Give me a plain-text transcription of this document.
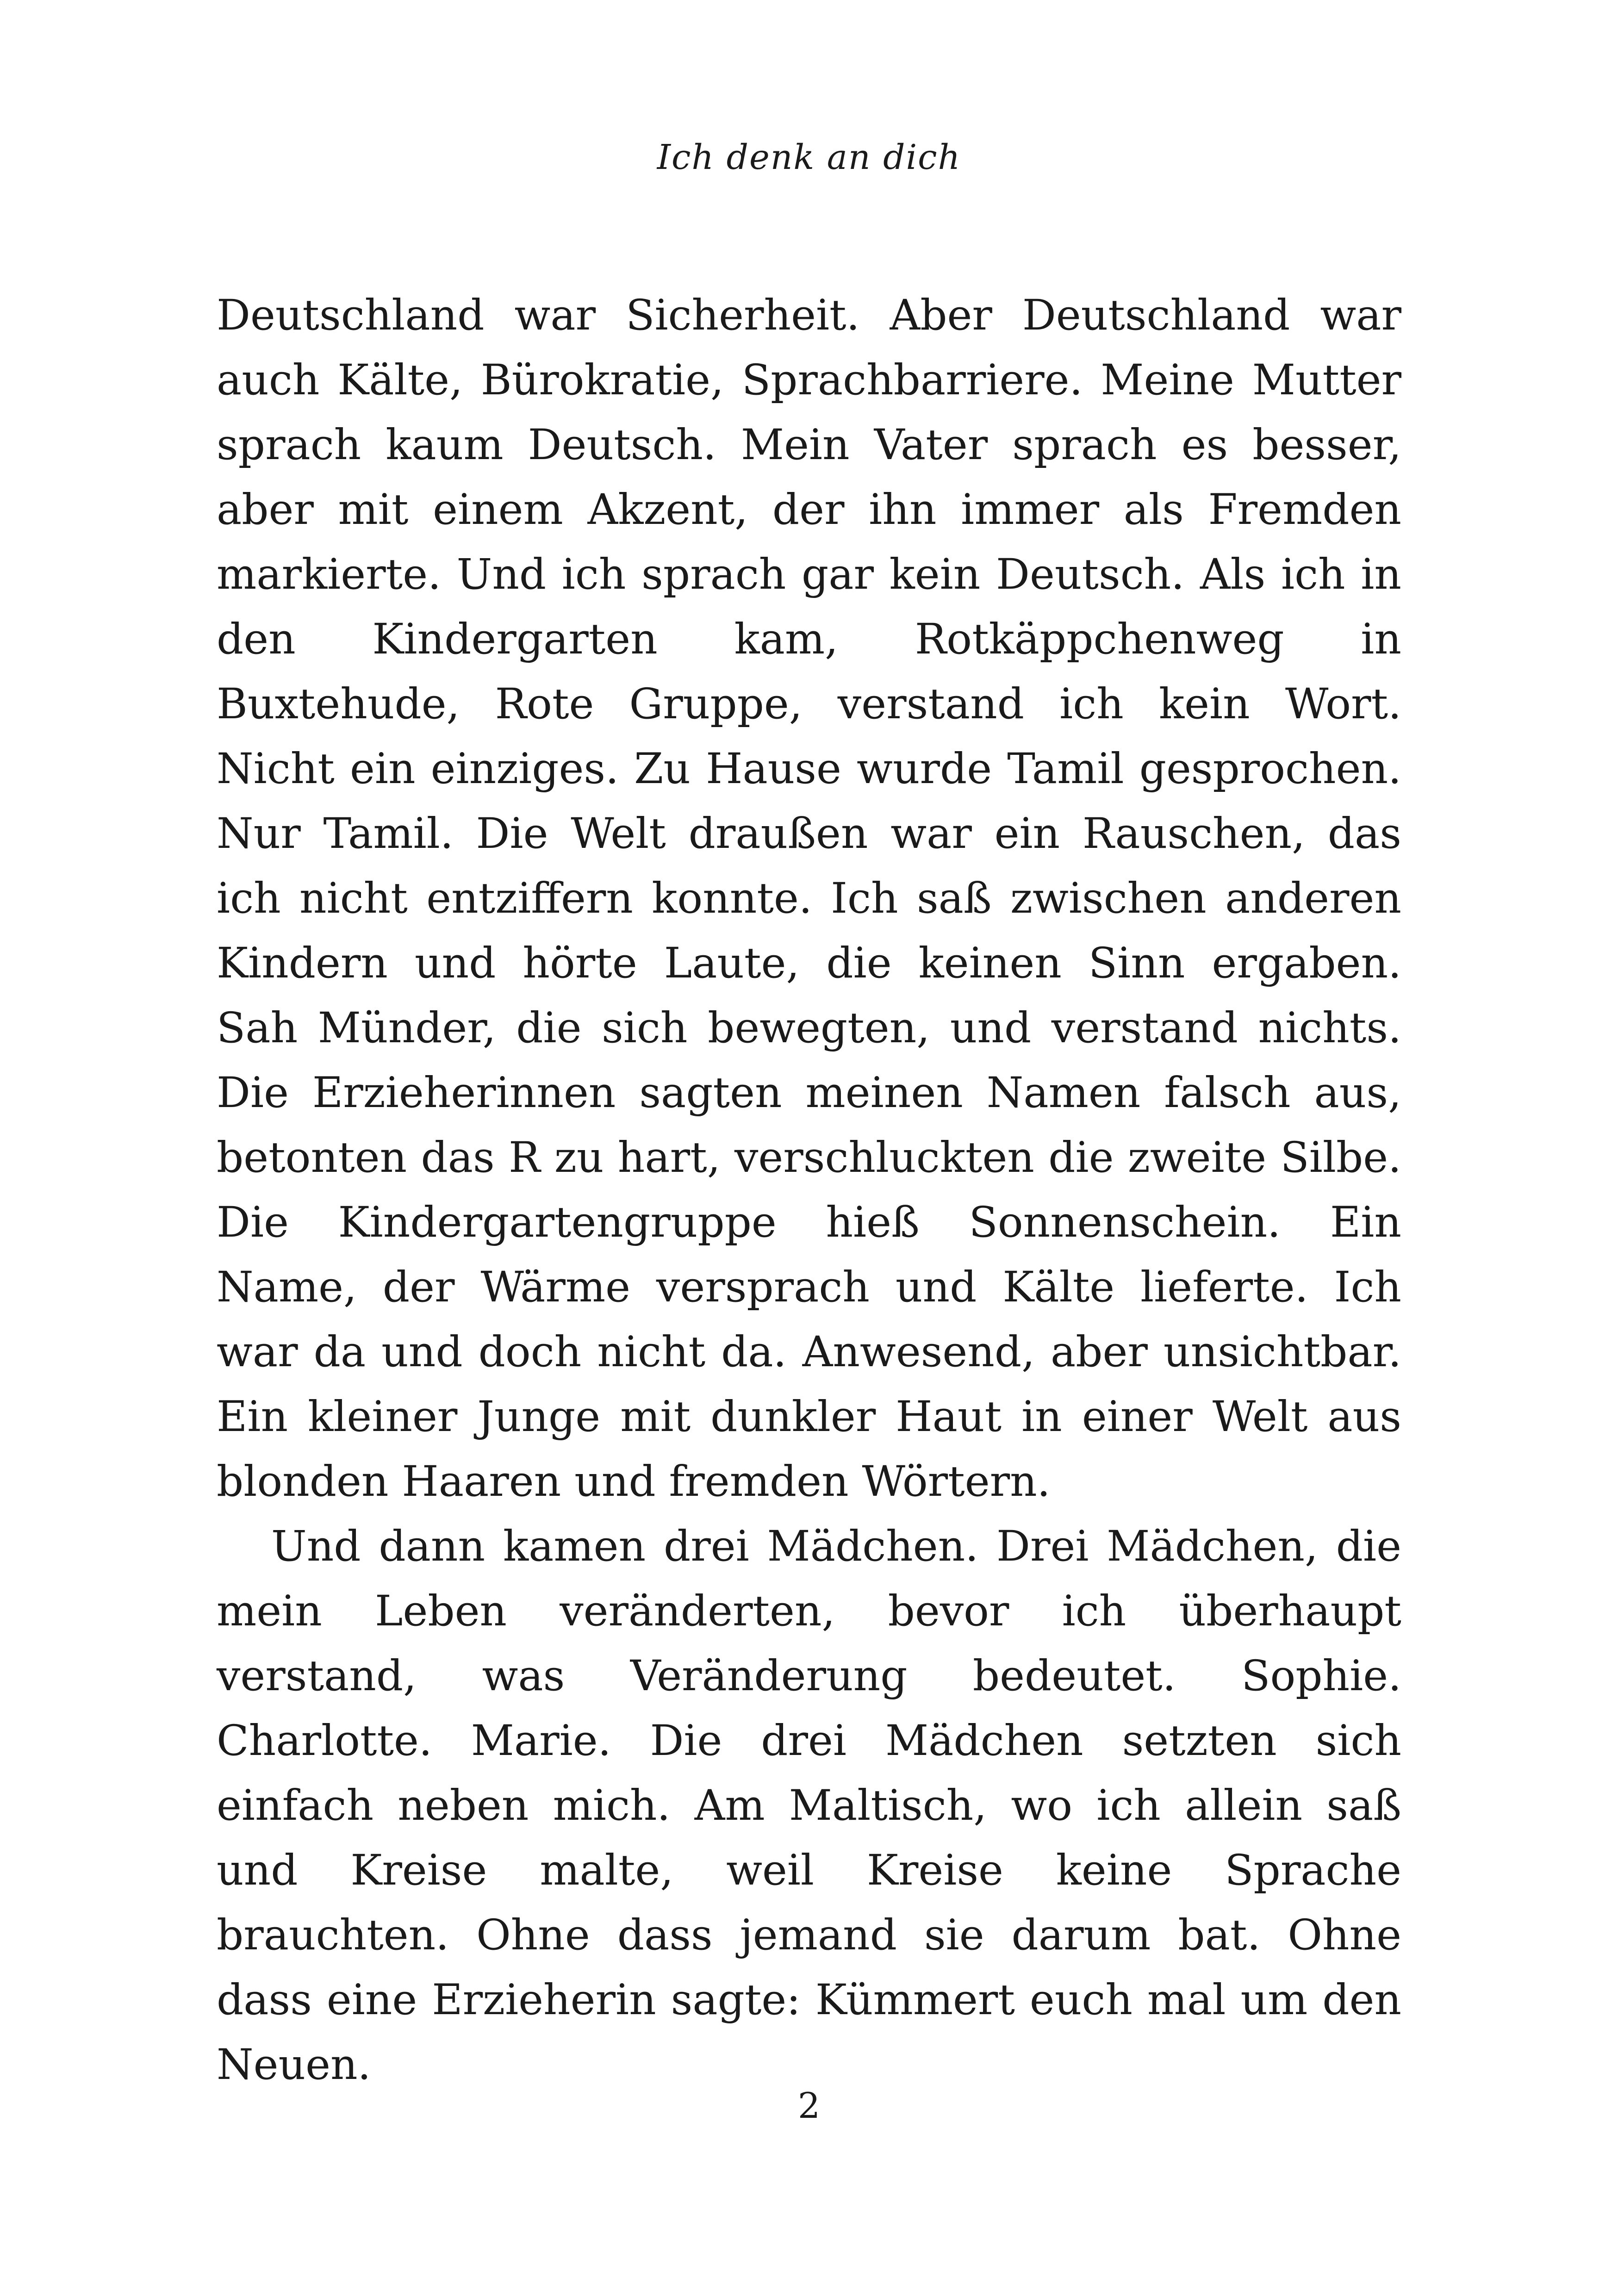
Ich denk an dich

Deutschland war Sicherheit. Aber Deutschland war auch Kälte, Bürokratie, Sprachbarriere. Meine Mutter sprach kaum Deutsch. Mein Vater sprach es besser, aber mit einem Akzent, der ihn immer als Fremden markierte. Und ich sprach gar kein Deutsch. Als ich in den Kindergarten kam, Rotkäppchenweg in Buxtehude, Rote Gruppe, verstand ich kein Wort. Nicht ein einziges. Zu Hause wurde Tamil gesprochen. Nur Tamil. Die Welt draußen war ein Rauschen, das ich nicht entziffern konnte. Ich saß zwischen anderen Kindern und hörte Laute, die keinen Sinn ergaben. Sah Münder, die sich bewegten, und verstand nichts. Die Erzieherinnen sagten meinen Namen falsch aus, betonten das R zu hart, verschluckten die zweite Silbe. Die Kindergartengruppe hieß Sonnenschein. Ein Name, der Wärme versprach und Kälte lieferte. Ich war da und doch nicht da. Anwesend, aber unsichtbar. Ein kleiner Junge mit dunkler Haut in einer Welt aus blonden Haaren und fremden Wörtern.

Und dann kamen drei Mädchen. Drei Mädchen, die mein Leben veränderten, bevor ich überhaupt verstand, was Veränderung bedeutet. Sophie. Charlotte. Marie. Die drei Mädchen setzten sich einfach neben mich. Am Maltisch, wo ich allein saß und Kreise malte, weil Kreise keine Sprache brauchten. Ohne dass jemand sie darum bat. Ohne dass eine Erzieherin sagte: Kümmert euch mal um den Neuen.

2
